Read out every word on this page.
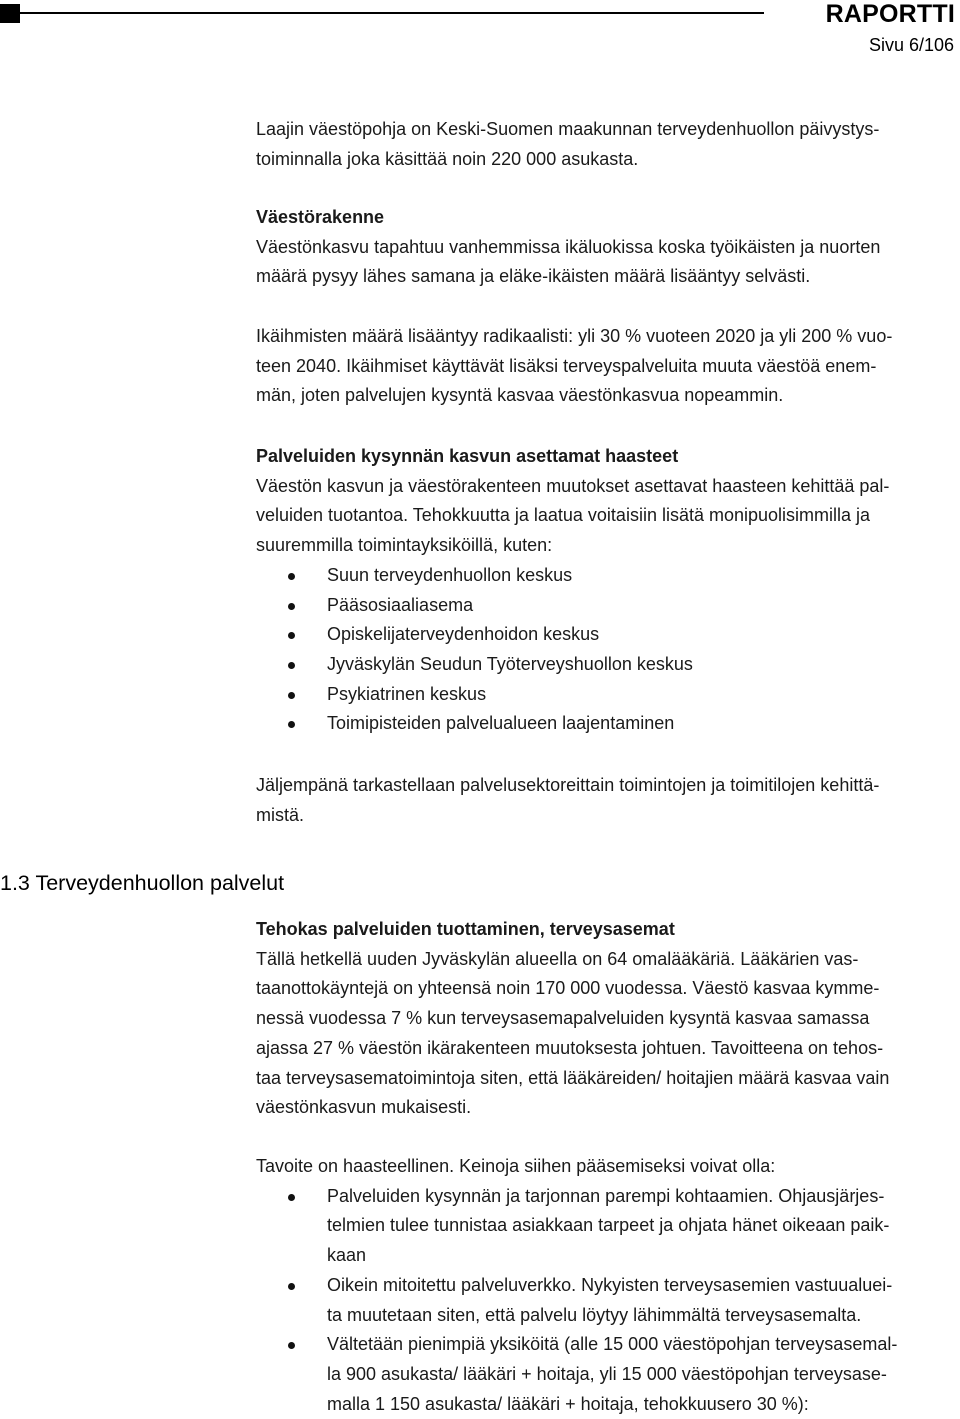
RAPORTTI
Sivu 6/106

Laajin väestöpohja on Keski-Suomen maakunnan terveydenhuollon päivystys-

toiminnalla joka käsittää noin 220 000 asukasta.

Väestörakenne

Väestönkasvu tapahtuu vanhemmissa ikäluokissa koska työikäisten ja nuorten

määrä pysyy lähes samana ja eläke-ikäisten määrä lisääntyy selvästi.

Ikäihmisten määrä lisääntyy radikaalisti: yli 30 % vuoteen 2020 ja yli 200 % vuo-

teen 2040. Ikäihmiset käyttävät lisäksi terveyspalveluita muuta väestöä enem-

män, joten palvelujen kysyntä kasvaa väestönkasvua nopeammin.

Palveluiden kysynnän kasvun asettamat haasteet

Väestön kasvun ja väestörakenteen muutokset asettavat haasteen kehittää pal-

veluiden tuotantoa. Tehokkuutta ja laatua voitaisiin lisätä monipuolisimmilla ja

suuremmilla toimintayksiköillä, kuten:

Suun terveydenhuollon keskus
Pääsosiaaliasema
Opiskelijaterveydenhoidon keskus
Jyväskylän Seudun Työterveyshuollon keskus
Psykiatrinen keskus
Toimipisteiden palvelualueen laajentaminen

Jäljempänä tarkastellaan palvelusektoreittain toimintojen ja toimitilojen kehittä-

mistä.

1.3 Terveydenhuollon palvelut

Tehokas palveluiden tuottaminen, terveysasemat

Tällä hetkellä uuden Jyväskylän alueella on 64 omalääkäriä. Lääkärien vas-

taanottokäyntejä on yhteensä noin 170 000 vuodessa. Väestö kasvaa kymme-

nessä vuodessa 7 % kun terveysasemapalveluiden kysyntä kasvaa samassa

ajassa 27 % väestön ikärakenteen muutoksesta johtuen. Tavoitteena on tehos-

taa terveysasematoimintoja siten, että lääkäreiden/ hoitajien määrä kasvaa vain

väestönkasvun mukaisesti.

Tavoite on haasteellinen. Keinoja siihen pääsemiseksi voivat olla:

Palveluiden kysynnän ja tarjonnan parempi kohtaamien. Ohjausjärjes-
telmien tulee tunnistaa asiakkaan tarpeet ja ohjata hänet oikeaan paik-
kaan
Oikein mitoitettu palveluverkko. Nykyisten terveysasemien vastuualuei-
ta muutetaan siten, että palvelu löytyy lähimmältä terveysasemalta.
Vältetään pienimpiä yksiköitä (alle 15 000 väestöpohjan terveysasemal-
la 900 asukasta/ lääkäri + hoitaja, yli 15 000 väestöpohjan terveysase-
malla 1 150 asukasta/ lääkäri + hoitaja, tehokkuusero 30 %):
